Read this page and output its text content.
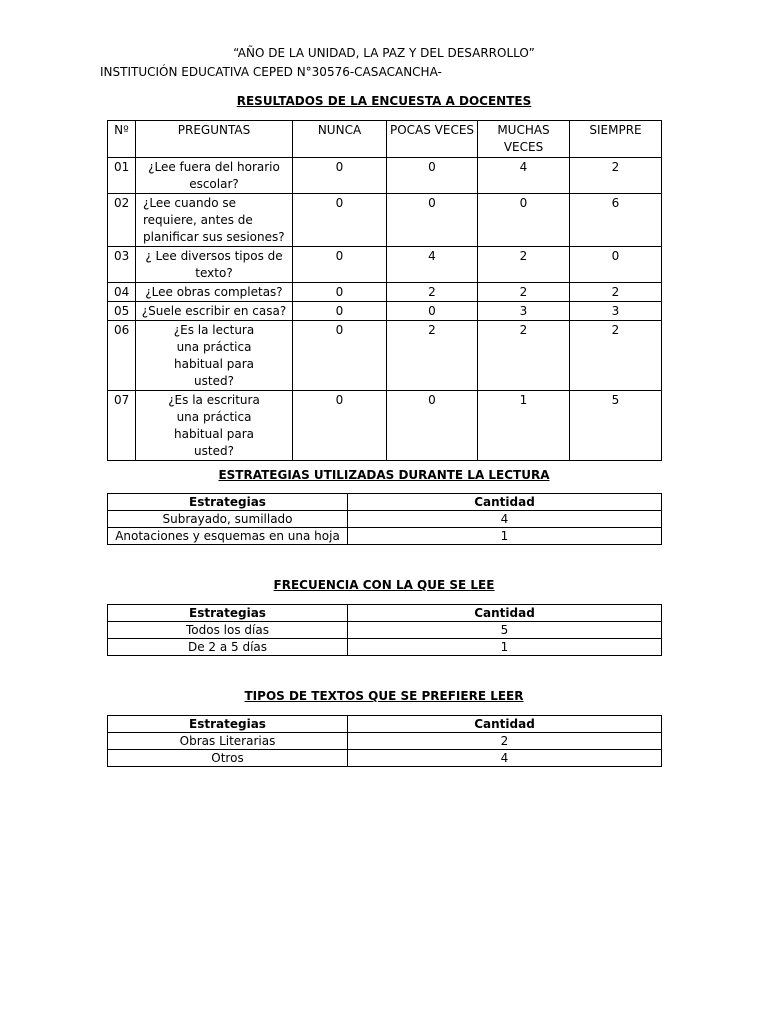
“AÑO DE LA UNIDAD, LA PAZ Y DEL DESARROLLO”
INSTITUCIÓN EDUCATIVA CEPED N°30576-CASACANCHA-
RESULTADOS DE LA ENCUESTA A DOCENTES
Nº	PREGUNTAS	NUNCA	POCAS VECES	MUCHAS VECES	SIEMPRE
01	¿Lee fuera del horario escolar?	0	0	4	2
02	¿Lee cuando se requiere, antes de planificar sus sesiones?	0	0	0	6
03	¿ Lee diversos tipos de texto?	0	4	2	0
04	¿Lee obras completas?	0	2	2	2
05	¿Suele escribir en casa?	0	0	3	3
06	¿Es la lectura una práctica habitual para usted?	0	2	2	2
07	¿Es la escritura una práctica habitual para usted?	0	0	1	5
ESTRATEGIAS UTILIZADAS DURANTE LA LECTURA
Estrategias	Cantidad
Subrayado, sumillado	4
Anotaciones y esquemas en una hoja	1
FRECUENCIA CON LA QUE SE LEE
Estrategias	Cantidad
Todos los días	5
De 2 a 5 días	1
TIPOS DE TEXTOS QUE SE PREFIERE LEER
Estrategias	Cantidad
Obras Literarias	2
Otros	4
